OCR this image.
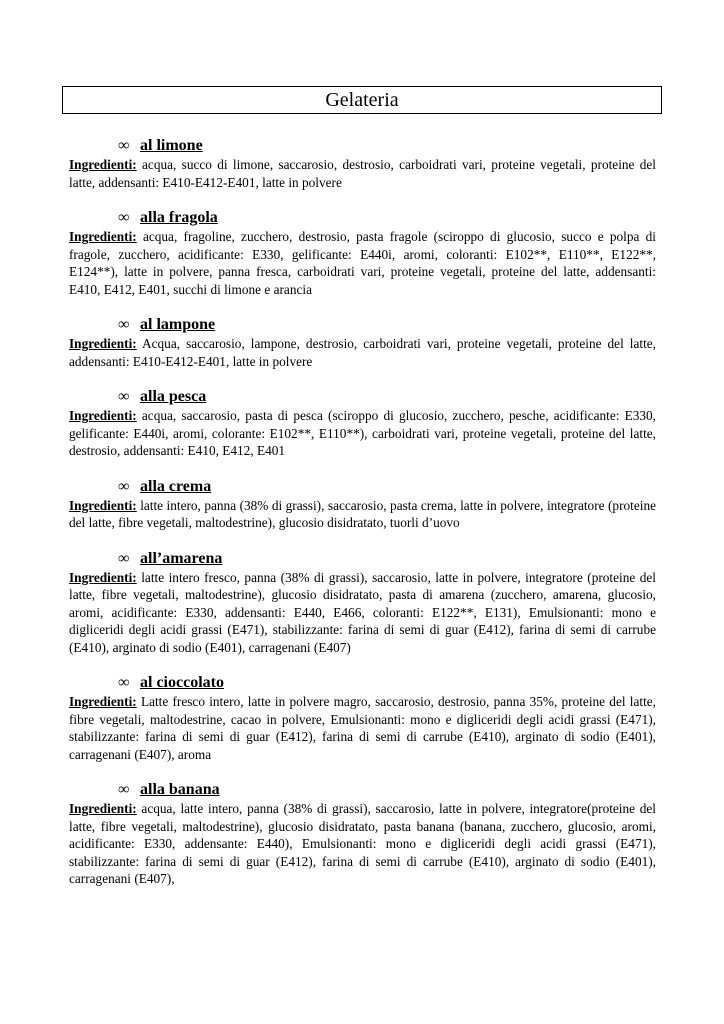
Gelateria
∞ al limone
Ingredienti: acqua, succo di limone, saccarosio, destrosio, carboidrati vari, proteine vegetali, proteine del latte, addensanti: E410-E412-E401, latte in polvere
∞ alla fragola
Ingredienti: acqua, fragoline, zucchero, destrosio, pasta fragole (sciroppo di glucosio, succo e polpa di fragole, zucchero, acidificante: E330, gelificante: E440i, aromi, coloranti: E102**, E110**, E122**, E124**), latte in polvere, panna fresca, carboidrati vari, proteine vegetali, proteine del latte, addensanti: E410, E412, E401, succhi di limone e arancia
∞ al lampone
Ingredienti: Acqua, saccarosio, lampone, destrosio, carboidrati vari, proteine vegetali, proteine del latte, addensanti: E410-E412-E401, latte in polvere
∞ alla pesca
Ingredienti: acqua, saccarosio, pasta di pesca (sciroppo di glucosio, zucchero, pesche, acidificante: E330, gelificante: E440i, aromi, colorante: E102**, E110**), carboidrati vari, proteine vegetali, proteine del latte, destrosio, addensanti: E410, E412, E401
∞ alla crema
Ingredienti: latte intero, panna (38% di grassi), saccarosio, pasta crema, latte in polvere, integratore (proteine del latte, fibre vegetali, maltodestrine), glucosio disidratato, tuorli d’uovo
∞ all’amarena
Ingredienti: latte intero fresco, panna (38% di grassi), saccarosio, latte in polvere, integratore (proteine del latte, fibre vegetali, maltodestrine), glucosio disidratato, pasta di amarena (zucchero, amarena, glucosio, aromi, acidificante: E330, addensanti: E440, E466, coloranti: E122**, E131), Emulsionanti: mono e digliceridi degli acidi grassi (E471), stabilizzante: farina di semi di guar (E412), farina di semi di carrube (E410), arginato di sodio (E401), carragenani (E407)
∞ al cioccolato
Ingredienti: Latte fresco intero, latte in polvere magro, saccarosio, destrosio, panna 35%, proteine del latte, fibre vegetali, maltodestrine, cacao in polvere, Emulsionanti: mono e digliceridi degli acidi grassi (E471), stabilizzante: farina di semi di guar (E412), farina di semi di carrube (E410), arginato di sodio (E401), carragenani (E407), aroma
∞ alla banana
Ingredienti: acqua, latte intero, panna (38% di grassi), saccarosio, latte in polvere, integratore(proteine del latte, fibre vegetali, maltodestrine), glucosio disidratato, pasta banana (banana, zucchero, glucosio, aromi, acidificante: E330, addensante: E440), Emulsionanti: mono e digliceridi degli acidi grassi (E471), stabilizzante: farina di semi di guar (E412), farina di semi di carrube (E410), arginato di sodio (E401), carragenani (E407),
